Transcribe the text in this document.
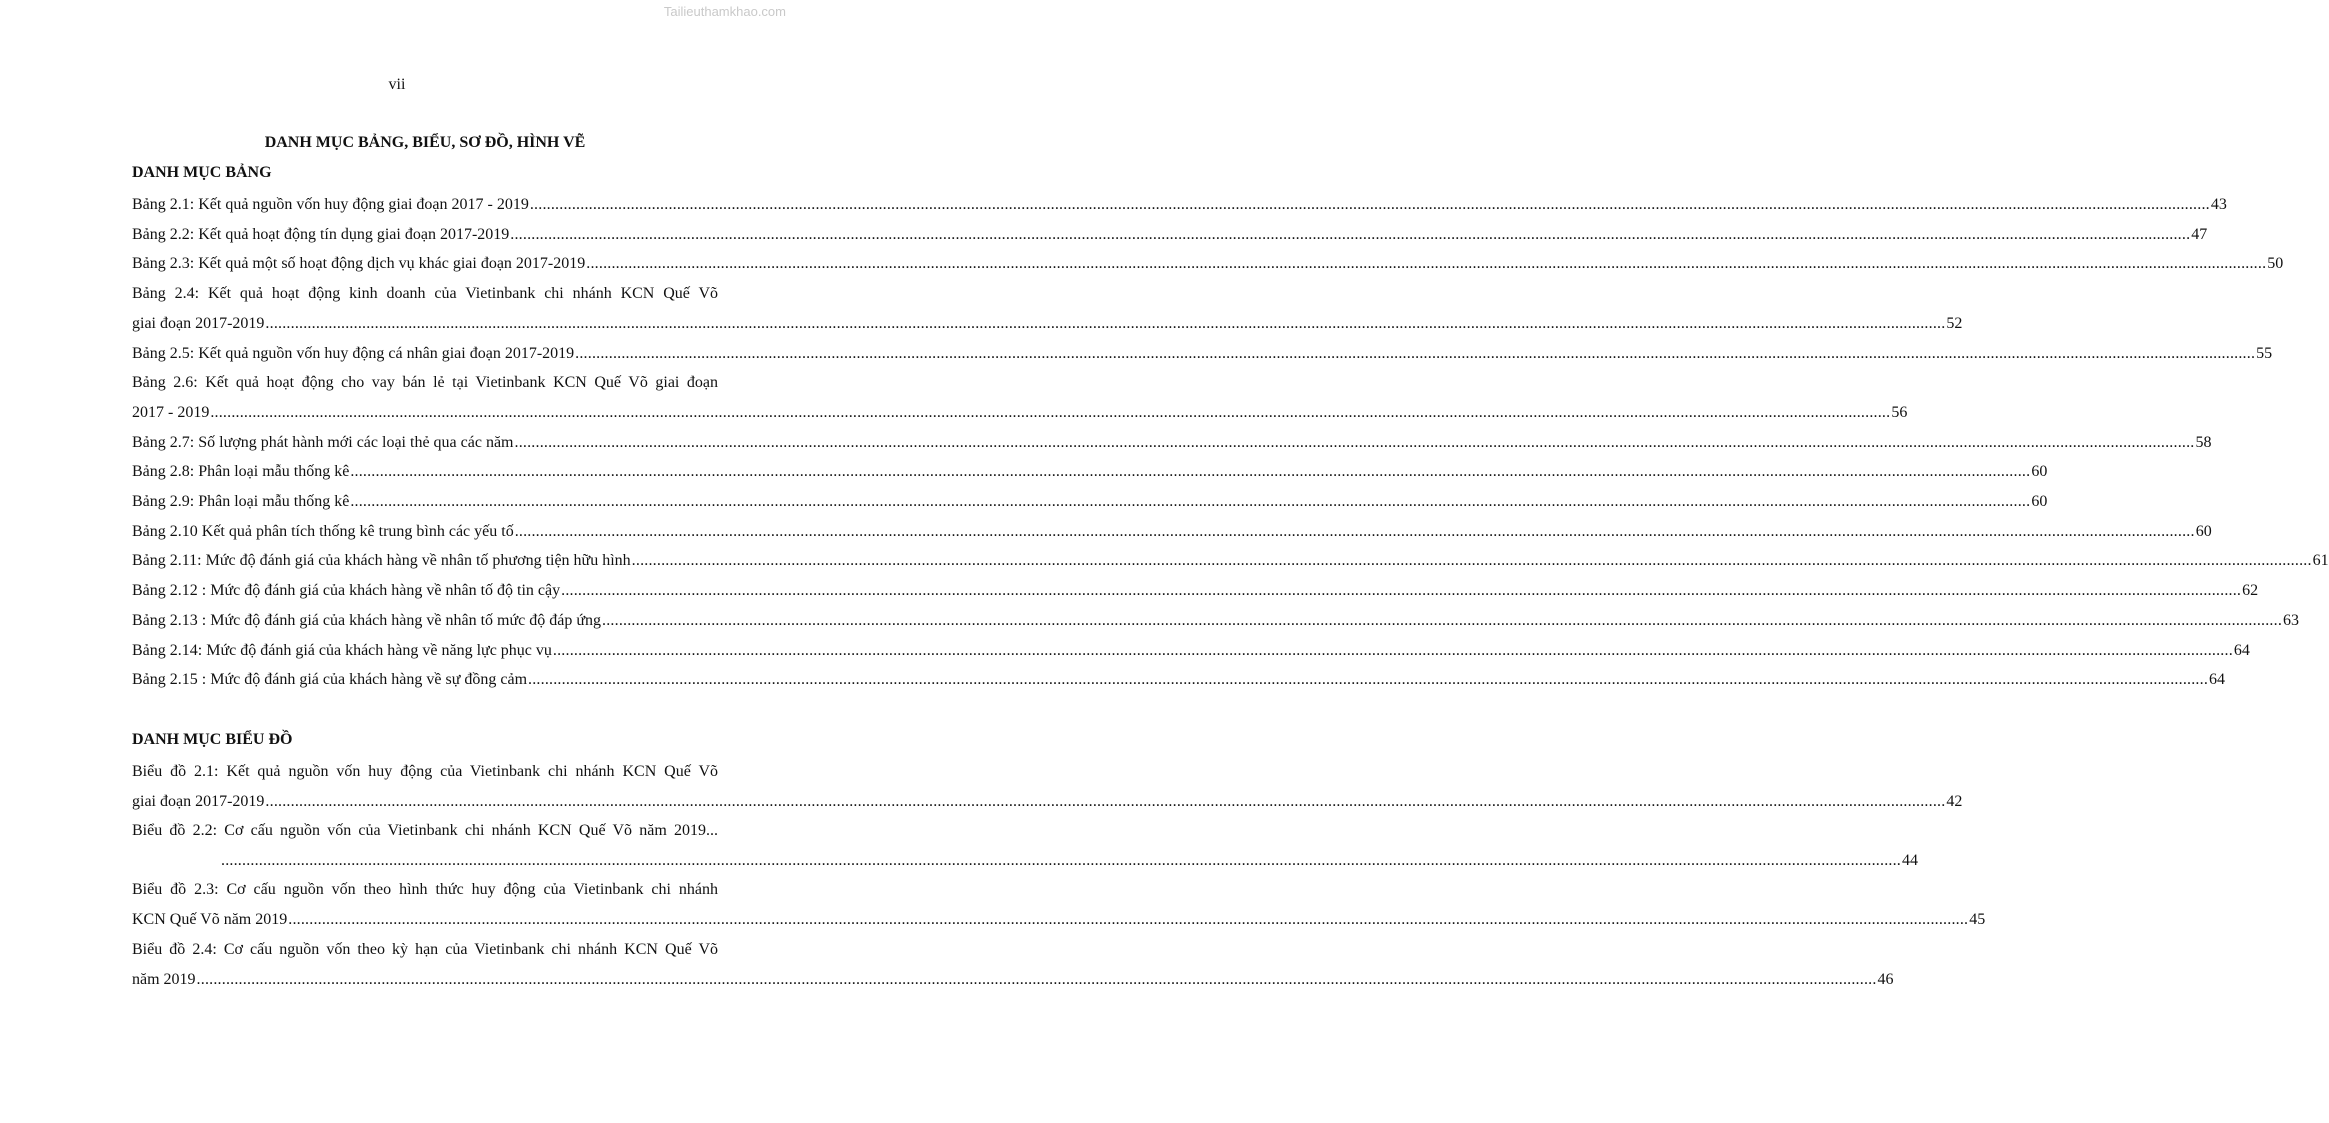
Tailieuthamkhao.com
vii
DANH MỤC BẢNG, BIỂU, SƠ ĐỒ, HÌNH VẼ
DANH MỤC BẢNG
Bảng 2.1: Kết quả nguồn vốn huy động giai đoạn 2017 - 2019 ................................................................................................................................................................................................................................................................................................................................................................................................................ 43
Bảng 2.2: Kết quả hoạt động tín dụng giai đoạn 2017-2019 ................................................................................................................................................................................................................................................................................................................................................................................................................ 47
Bảng 2.3: Kết quả một số hoạt động dịch vụ khác giai đoạn 2017-2019 ................................................................................................................................................................................................................................................................................................................................................................................................................ 50
Bảng 2.4: Kết quả hoạt động kinh doanh của Vietinbank chi nhánh KCN Quế Võ
giai đoạn 2017-2019 ................................................................................................................................................................................................................................................................................................................................................................................................................ 52
Bảng 2.5: Kết quả nguồn vốn huy động cá nhân giai đoạn 2017-2019 ................................................................................................................................................................................................................................................................................................................................................................................................................ 55
Bảng 2.6: Kết quả hoạt động cho vay bán lẻ tại Vietinbank KCN Quế Võ giai đoạn
2017 - 2019 ................................................................................................................................................................................................................................................................................................................................................................................................................ 56
Bảng 2.7: Số lượng phát hành mới các loại thẻ qua các năm ................................................................................................................................................................................................................................................................................................................................................................................................................ 58
Bảng 2.8: Phân loại mẫu thống kê ................................................................................................................................................................................................................................................................................................................................................................................................................ 60
Bảng 2.9: Phân loại mẫu thống kê ................................................................................................................................................................................................................................................................................................................................................................................................................ 60
Bảng 2.10 Kết quả phân tích thống kê trung bình các yếu tố ................................................................................................................................................................................................................................................................................................................................................................................................................ 60
Bảng 2.11: Mức độ đánh giá của khách hàng về nhân tố phương tiện hữu hình ................................................................................................................................................................................................................................................................................................................................................................................................................ 61
Bảng 2.12 : Mức độ đánh giá của khách hàng về nhân tố độ tin cậy ................................................................................................................................................................................................................................................................................................................................................................................................................ 62
Bảng 2.13 : Mức độ đánh giá của khách hàng về nhân tố mức độ đáp ứng ................................................................................................................................................................................................................................................................................................................................................................................................................ 63
Bảng 2.14: Mức độ đánh giá của khách hàng về năng lực phục vụ ................................................................................................................................................................................................................................................................................................................................................................................................................ 64
Bảng 2.15 : Mức độ đánh giá của khách hàng về sự đồng cảm ................................................................................................................................................................................................................................................................................................................................................................................................................ 64
DANH MỤC BIỂU ĐỒ
Biểu đồ 2.1: Kết quả nguồn vốn huy động của Vietinbank chi nhánh KCN Quế Võ
giai đoạn 2017-2019 ................................................................................................................................................................................................................................................................................................................................................................................................................ 42
Biểu đồ 2.2: Cơ cấu nguồn vốn của Vietinbank chi nhánh KCN Quế Võ năm 2019...
................................................................................................................................................................................................................................................................................................................................................................................................................ 44
Biểu đồ 2.3: Cơ cấu nguồn vốn theo hình thức huy động của Vietinbank chi nhánh
KCN Quế Võ năm 2019 ................................................................................................................................................................................................................................................................................................................................................................................................................ 45
Biểu đồ 2.4: Cơ cấu nguồn vốn theo kỳ hạn của Vietinbank chi nhánh KCN Quế Võ
năm 2019 ................................................................................................................................................................................................................................................................................................................................................................................................................ 46
